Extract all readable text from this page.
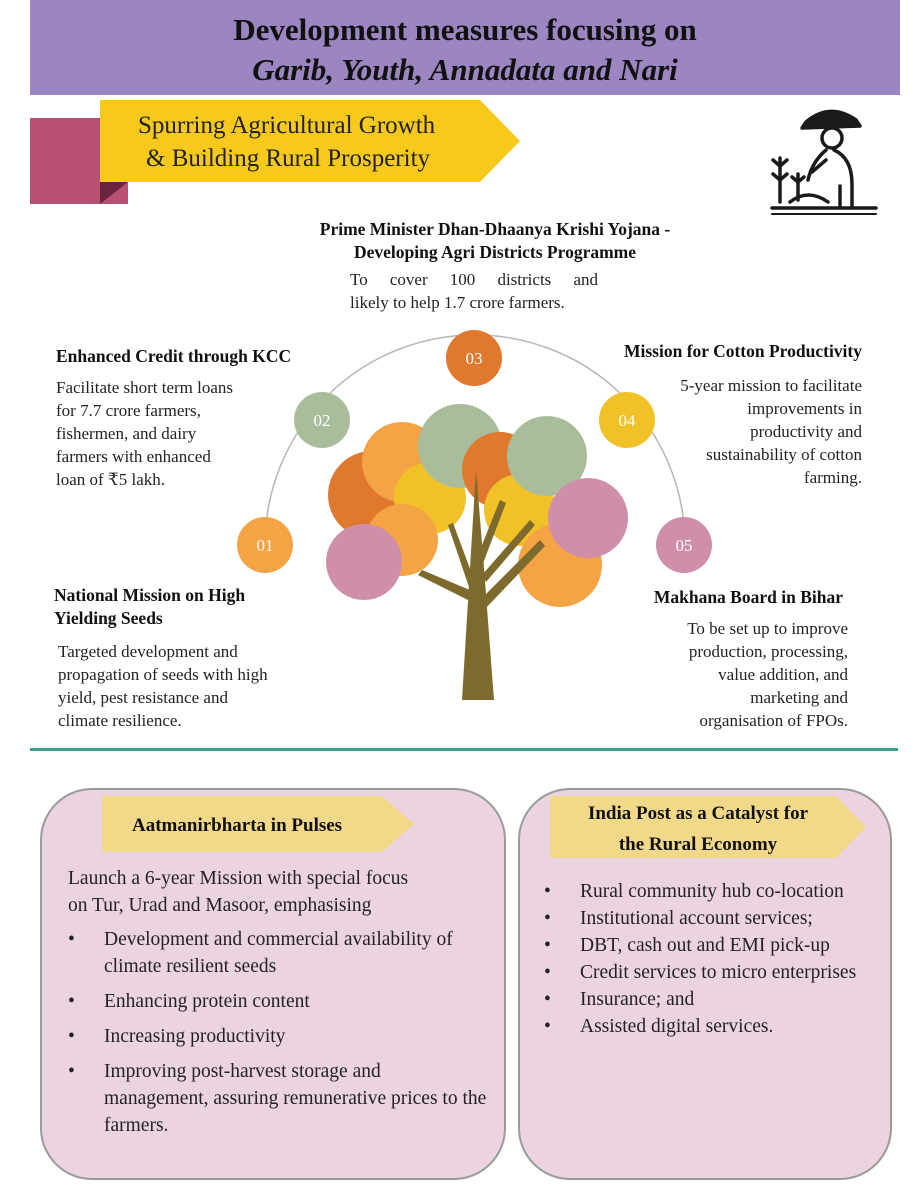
Development measures focusing on
Garib, Youth, Annadata and Nari
Spurring Agricultural Growth
& Building Rural Prosperity
01
02
03
04
05
Prime Minister Dhan-Dhaanya Krishi Yojana -
Developing Agri Districts Programme
To cover 100 districts and
likely to help 1.7 crore farmers.
Enhanced Credit through KCC
Facilitate short term loans
for 7.7 crore farmers,
fishermen, and dairy
farmers with enhanced
loan of ₹5 lakh.
Mission for Cotton Productivity
5-year mission to facilitate
improvements in
productivity and
sustainability of cotton
farming.
National Mission on High
Yielding Seeds
Targeted development and
propagation of seeds with high
yield, pest resistance and
climate resilience.
Makhana Board in Bihar
To be set up to improve
production, processing,
value addition, and
marketing and
organisation of FPOs.
Aatmanirbharta in Pulses
Launch a 6-year Mission with special focus
on Tur, Urad and Masoor, emphasising
• Development and commercial availability of climate resilient seeds
• Enhancing protein content
• Increasing productivity
• Improving post-harvest storage and management, assuring remunerative prices to the farmers.
India Post as a Catalyst for
the Rural Economy
• Rural community hub co-location
• Institutional account services;
• DBT, cash out and EMI pick-up
• Credit services to micro enterprises
• Insurance; and
• Assisted digital services.
